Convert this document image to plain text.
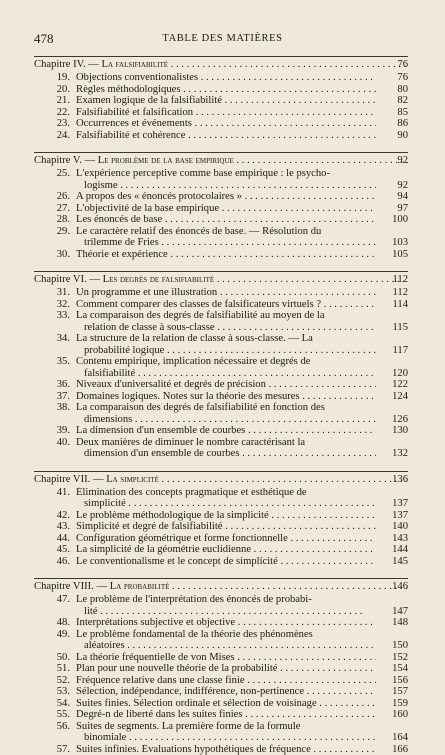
478	TABLE DES MATIÈRES
Chapitre IV. — La falsifiabilité . . .	76
19. Objections conventionalistes . . .	76
20. Règles méthodologiques . . .	80
21. Examen logique de la falsifiabilité . . .	82
22. Falsifiabilité et falsification . . .	85
23. Occurrences et événements . . .	86
24. Falsifiabilité et cohérence . . .	90
Chapitre V. — Le problème de la base empirique . . .	92
25. L'expérience perceptive comme base empirique : le psycho-
logisme . . .	92
26. A propos des « énoncés protocolaires » . . .	94
27. L'objectivité de la base empirique . . .	97
28. Les énoncés de base . . .	100
29. Le caractère relatif des énoncés de base. — Résolution du
trilemme de Fries . . .	103
30. Théorie et expérience . . .	105
Chapitre VI. — Les degrés de falsifiabilité . . .	112
31. Un programme et une illustration . . .	112
32. Comment comparer des classes de falsificateurs virtuels ? . . .	114
33. La comparaison des degrés de falsifiabilité au moyen de la
relation de classe à sous-classe . . .	115
34. La structure de la relation de classe à sous-classe. — La
probabilité logique . . .	117
35. Contenu empirique, implication nécessaire et degrés de
falsifiabilité . . .	120
36. Niveaux d'universalité et degrés de précision . . .	122
37. Domaines logiques. Notes sur la théorie des mesures . . .	124
38. La comparaison des degrés de falsifiabilité en fonction des
dimensions . . .	126
39. La dimension d'un ensemble de courbes . . .	130
40. Deux manières de diminuer le nombre caractérisant la
dimension d'un ensemble de courbes . . .	132
Chapitre VII. — La simplicité . . .	136
41. Élimination des concepts pragmatique et esthétique de
simplicité . . .	137
42. Le problème méthodologique de la simplicité . . .	137
43. Simplicité et degré de falsifiabilité . . .	140
44. Configuration géométrique et forme fonctionnelle . . .	143
45. La simplicité de la géométrie euclidienne . . .	144
46. Le conventionalisme et le concept de simplicité . . .	145
Chapitre VIII. — La probabilité . . .	146
47. Le problème de l'interprétation des énoncés de probabi-
lité . . .	147
48. Interprétations subjective et objective . . .	148
49. Le problème fondamental de la théorie des phénomènes
aléatoires . . .	150
50. La théorie fréquentielle de von Mises . . .	152
51. Plan pour une nouvelle théorie de la probabilité . . .	154
52. Fréquence relative dans une classe finie . . .	156
53. Sélection, indépendance, indifférence, non-pertinence . . .	157
54. Suites finies. Sélection ordinale et sélection de voisinage . . .	159
55. Degré-n de liberté dans les suites finies . . .	160
56. Suites de segments. La première forme de la formule
binomiale . . .	164
57. Suites infinies. Évaluations hypothétiques de fréquence . . .	166
